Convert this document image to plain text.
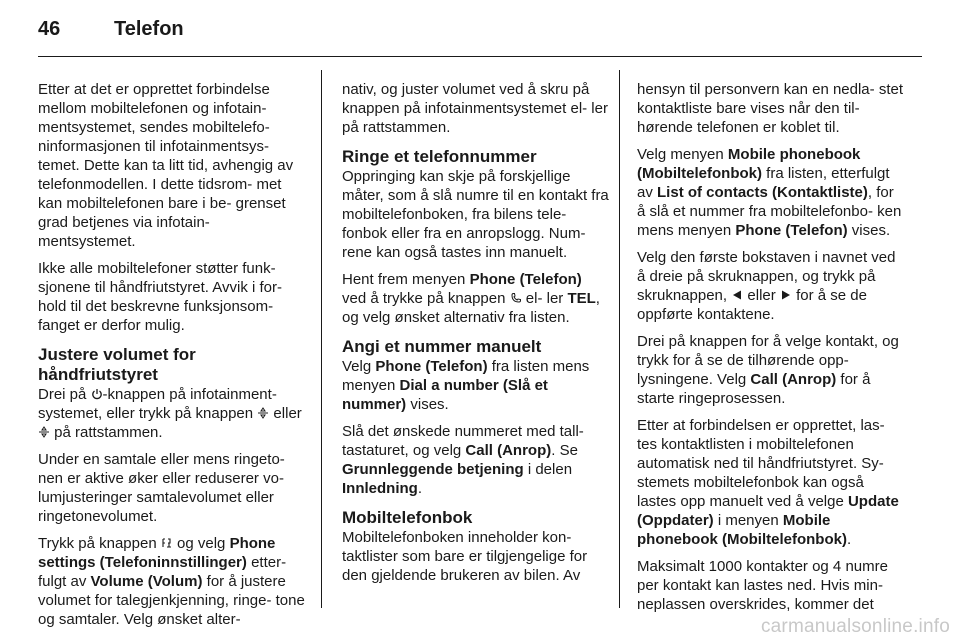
46	Telefon

Etter at det er opprettet forbindelse mellom mobiltelefonen og infotain- mentsystemet, sendes mobiltelefo- ninformasjonen til infotainmentsys- temet. Dette kan ta litt tid, avhengig av telefonmodellen. I dette tidsrom- met kan mobiltelefonen bare i be- grenset grad betjenes via infotain- mentsystemet.

Ikke alle mobiltelefoner støtter funk- sjonene til håndfriutstyret. Avvik i for- hold til det beskrevne funksjonsom- fanget er derfor mulig.

Justere volumet for håndfriutstyret

Drei på
-knappen på infotainment- systemet, eller trykk på knappen
eller
på rattstammen.

Under en samtale eller mens ringeto- nen er aktive øker eller reduserer vo- lumjusteringer samtalevolumet eller ringetonevolumet.

Trykk på knappen
og velg Phone settings (Telefoninnstillinger) etter- fulgt av Volume (Volum) for å justere volumet for talegjenkjenning, ringe- tone og samtaler. Velg ønsket alter-

nativ, og juster volumet ved å skru på knappen på infotainmentsystemet el- ler på rattstammen.

Ringe et telefonnummer

Oppringing kan skje på forskjellige måter, som å slå numre til en kontakt fra mobiltelefonboken, fra bilens tele- fonbok eller fra en anropslogg. Num- rene kan også tastes inn manuelt.

Hent frem menyen Phone (Telefon) ved å trykke på knappen
el- ler TEL, og velg ønsket alternativ fra listen.

Angi et nummer manuelt

Velg Phone (Telefon) fra listen mens menyen Dial a number (Slå et nummer) vises.

Slå det ønskede nummeret med tall- tastaturet, og velg Call (Anrop). Se Grunnleggende betjening i delen Innledning.

Mobiltelefonbok

Mobiltelefonboken inneholder kon- taktlister som bare er tilgjengelige for den gjeldende brukeren av bilen. Av

hensyn til personvern kan en nedla- stet kontaktliste bare vises når den til- hørende telefonen er koblet til.

Velg menyen Mobile phonebook (Mobiltelefonbok) fra listen, etterfulgt av List of contacts (Kontaktliste), for å slå et nummer fra mobiltelefonbo- ken mens menyen Phone (Telefon) vises.

Velg den første bokstaven i navnet ved å dreie på skruknappen, og trykk på skruknappen,
eller
for å se de oppførte kontaktene.

Drei på knappen for å velge kontakt, og trykk for å se de tilhørende opp- lysningene. Velg Call (Anrop) for å starte ringeprosessen.

Etter at forbindelsen er opprettet, las- tes kontaktlisten i mobiltelefonen automatisk ned til håndfriutstyret. Sy- stemets mobiltelefonbok kan også lastes opp manuelt ved å velge Update (Oppdater) i menyen Mobile phonebook (Mobiltelefonbok).

Maksimalt 1000 kontakter og 4 numre per kontakt kan lastes ned. Hvis min- neplassen overskrides, kommer det

carmanualsonline.info
